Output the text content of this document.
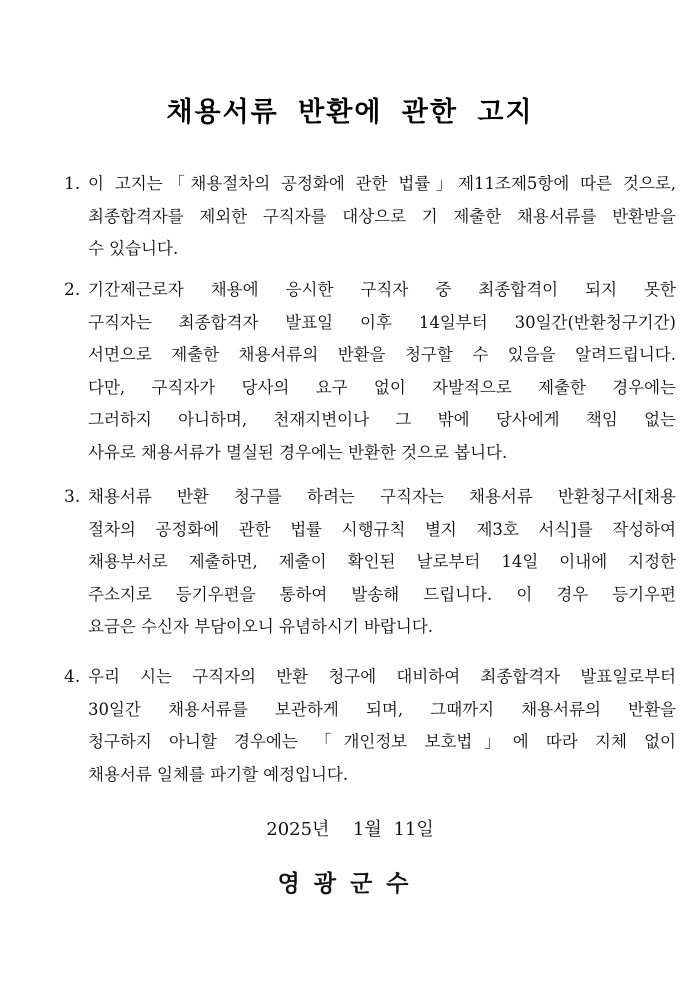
채용서류 반환에 관한 고지
1. 이 고지는「채용절차의 공정화에 관한 법률」제11조제5항에 따른 것으로,
최종합격자를 제외한 구직자를 대상으로 기 제출한 채용서류를 반환받을
수 있습니다.
2. 기간제근로자 채용에 응시한 구직자 중 최종합격이 되지 못한
구직자는 최종합격자 발표일 이후 14일부터 30일간(반환청구기간)
서면으로 제출한 채용서류의 반환을 청구할 수 있음을 알려드립니다.
다만, 구직자가 당사의 요구 없이 자발적으로 제출한 경우에는
그러하지 아니하며, 천재지변이나 그 밖에 당사에게 책임 없는
사유로 채용서류가 멸실된 경우에는 반환한 것으로 봅니다.
3. 채용서류 반환 청구를 하려는 구직자는 채용서류 반환청구서[채용
절차의 공정화에 관한 법률 시행규칙 별지 제3호 서식]를 작성하여
채용부서로 제출하면, 제출이 확인된 날로부터 14일 이내에 지정한
주소지로 등기우편을 통하여 발송해 드립니다. 이 경우 등기우편
요금은 수신자 부담이오니 유념하시기 바랍니다.
4. 우리 시는 구직자의 반환 청구에 대비하여 최종합격자 발표일로부터
30일간 채용서류를 보관하게 되며, 그때까지 채용서류의 반환을
청구하지 아니할 경우에는 「개인정보 보호법」에 따라 지체 없이
채용서류 일체를 파기할 예정입니다.
2025년  1월 11일
영광군수
